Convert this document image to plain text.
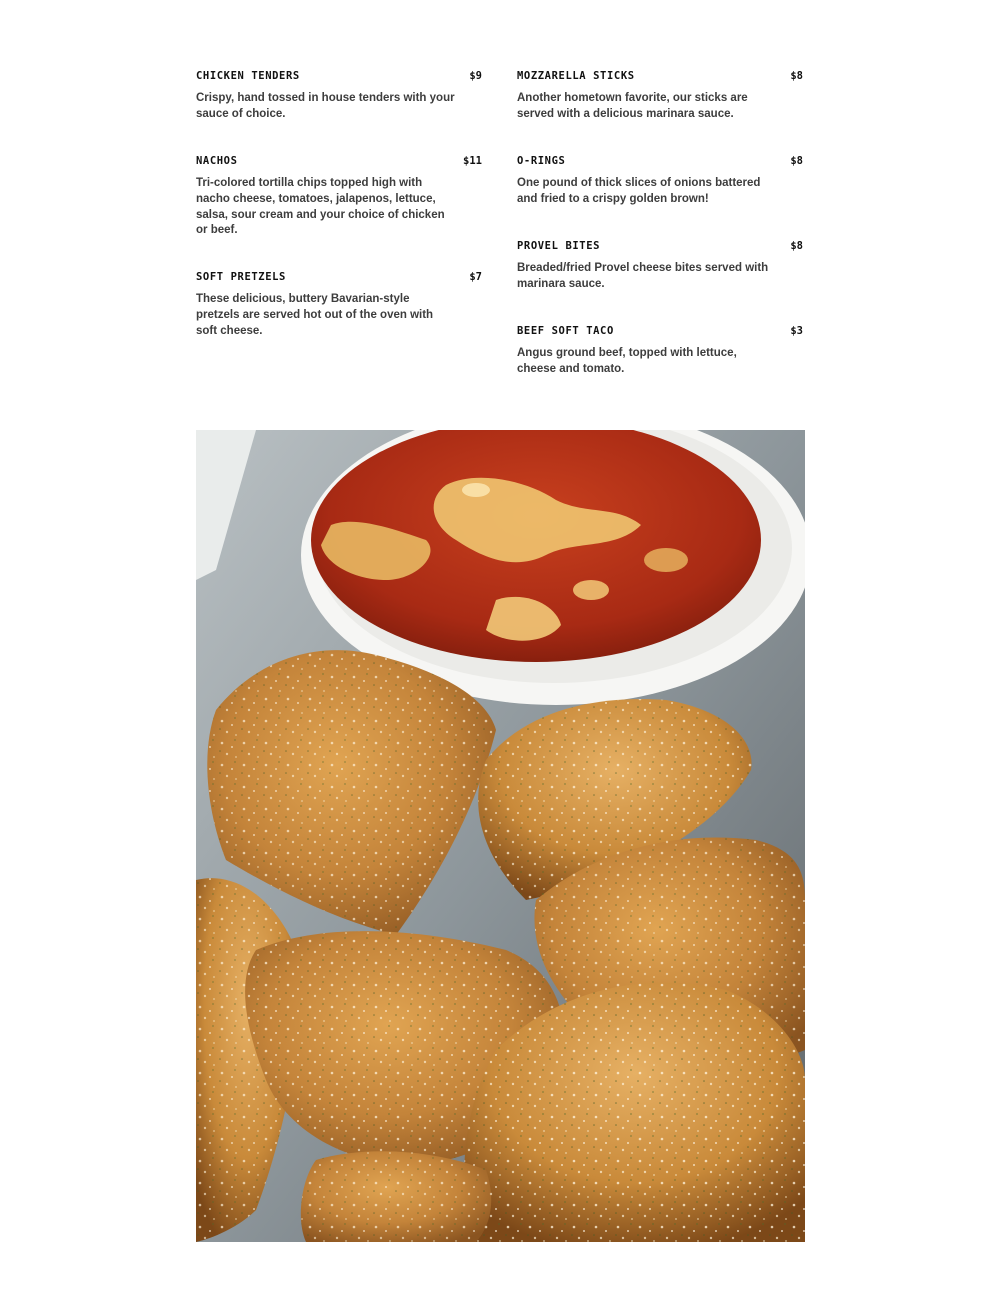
CHICKEN TENDERS	$9
Crispy, hand tossed in house tenders with your sauce of choice.
NACHOS	$11
Tri-colored tortilla chips topped high with nacho cheese, tomatoes, jalapenos, lettuce, salsa, sour cream and your choice of chicken or beef.
SOFT PRETZELS	$7
These delicious, buttery Bavarian-style pretzels are served hot out of the oven with soft cheese.
MOZZARELLA STICKS	$8
Another hometown favorite, our sticks are served with a delicious marinara sauce.
O-RINGS	$8
One pound of thick slices of onions battered and fried to a crispy golden brown!
PROVEL BITES	$8
Breaded/fried Provel cheese bites served with marinara sauce.
BEEF SOFT TACO	$3
Angus ground beef, topped with lettuce, cheese and tomato.
